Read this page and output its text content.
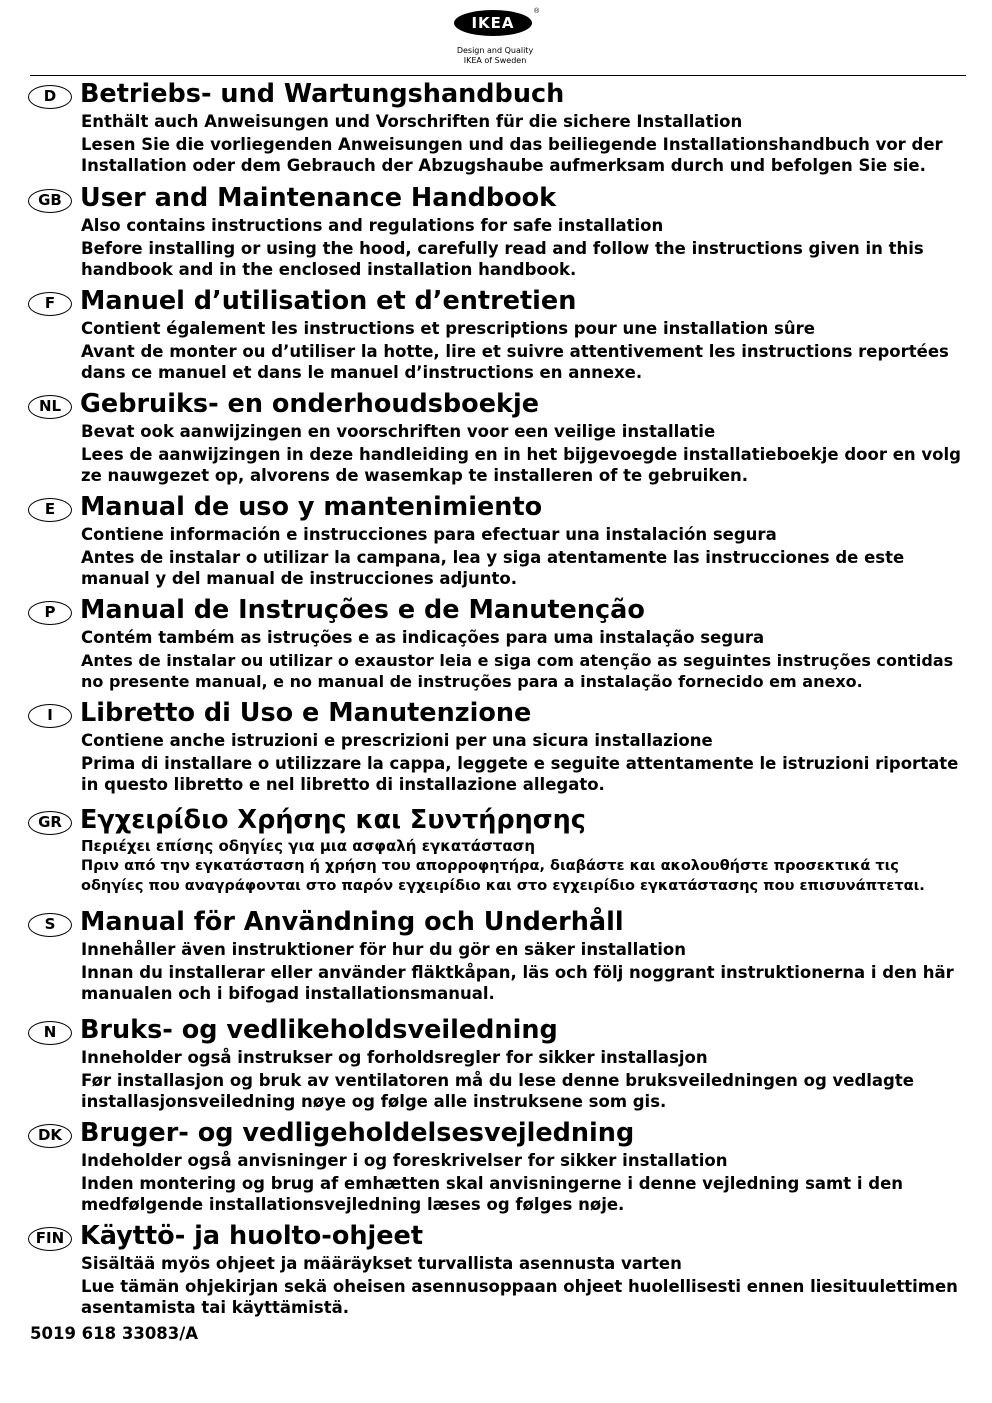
IKEA
®
Design and Quality
IKEA of Sweden
D Betriebs- und Wartungshandbuch
Enthält auch Anweisungen und Vorschriften für die sichere Installation
Lesen Sie die vorliegenden Anweisungen und das beiliegende Installationshandbuch vor der Installation oder dem Gebrauch der Abzugshaube aufmerksam durch und befolgen Sie sie.
GB User and Maintenance Handbook
Also contains instructions and regulations for safe installation
Before installing or using the hood, carefully read and follow the instructions given in this handbook and in the enclosed installation handbook.
F Manuel d’utilisation et d’entretien
Contient également les instructions et prescriptions pour une installation sûre
Avant de monter ou d’utiliser la hotte, lire et suivre attentivement les instructions reportées dans ce manuel et dans le manuel d’instructions en annexe.
NL Gebruiks- en onderhoudsboekje
Bevat ook aanwijzingen en voorschriften voor een veilige installatie
Lees de aanwijzingen in deze handleiding en in het bijgevoegde installatieboekje door en volg ze nauwgezet op, alvorens de wasemkap te installeren of te gebruiken.
E Manual de uso y mantenimiento
Contiene información e instrucciones para efectuar una instalación segura
Antes de instalar o utilizar la campana, lea y siga atentamente las instrucciones de este manual y del manual de instrucciones adjunto.
P Manual de Instruções e de Manutenção
Contém também as istruções e as indicações para uma instalação segura
Antes de instalar ou utilizar o exaustor leia e siga com atenção as seguintes instruções contidas no presente manual, e no manual de instruções para a instalação fornecido em anexo.
I	Libretto di Uso e Manutenzione
Contiene anche istruzioni e prescrizioni per una sicura installazione
Prima di installare o utilizzare la cappa, leggete e seguite attentamente le istruzioni riportate in questo libretto e nel libretto di installazione allegato.
GR Εγχειρίδιο Χρήσης και Συντήρησης
Περιέχει επίσης οδηγίες για μια ασφαλή εγκατάσταση
Πριν από την εγκατάσταση ή χρήση του απορροφητήρα, διαβάστε και ακολουθήστε προσεκτικά τις οδηγίες που αναγράφονται στο παρόν εγχειρίδιο και στο εγχειρίδιο εγκατάστασης που επισυνάπτεται.
S Manual för Användning och Underhåll
Innehåller även instruktioner för hur du gör en säker installation
Innan du installerar eller använder fläktkåpan, läs och följ noggrant instruktionerna i den här manualen och i bifogad installationsmanual.
N Bruks- og vedlikeholdsveiledning
Inneholder også instrukser og forholdsregler for sikker installasjon
Før installasjon og bruk av ventilatoren må du lese denne bruksveiledningen og vedlagte installasjonsveiledning nøye og følge alle instruksene som gis.
DK Bruger- og vedligeholdelsesvejledning
Indeholder også anvisninger i og foreskrivelser for sikker installation
Inden montering og brug af emhætten skal anvisningerne i denne vejledning samt i den medfølgende installationsvejledning læses og følges nøje.
FIN Käyttö- ja huolto-ohjeet
Sisältää myös ohjeet ja määräykset turvallista asennusta varten
Lue tämän ohjekirjan sekä oheisen asennusoppaan ohjeet huolellisesti ennen liesituulettimen asentamista tai käyttämistä.
5019 618 33083/A
